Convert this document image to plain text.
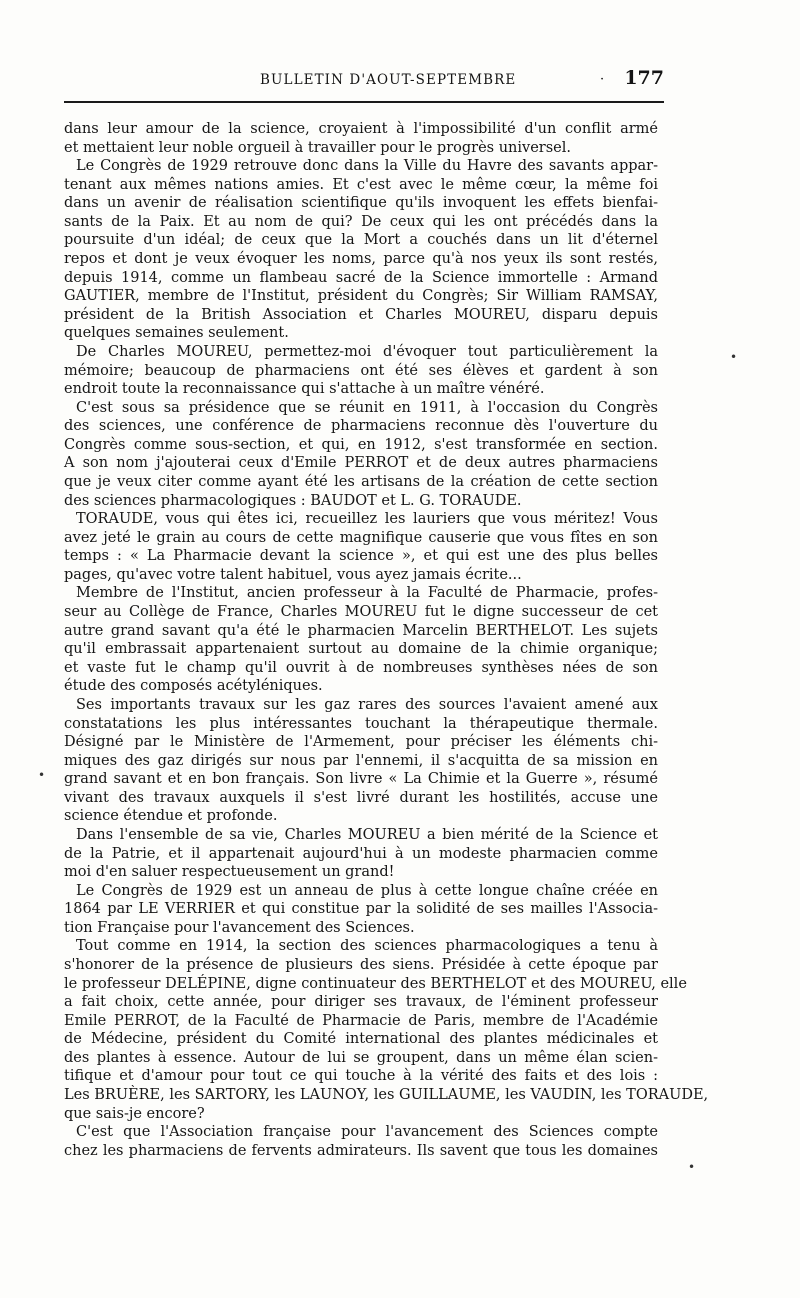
BULLETIN D'AOUT-SEPTEMBRE	· 177
dans leur amour de la science, croyaient à l'impossibilité d'un conflit armé
et mettaient leur noble orgueil à travailler pour le progrès universel.
Le Congrès de 1929 retrouve donc dans la Ville du Havre des savants appar-
tenant aux mêmes nations amies. Et c'est avec le même cœur, la même foi
dans un avenir de réalisation scientifique qu'ils invoquent les effets bienfai-
sants de la Paix. Et au nom de qui? De ceux qui les ont précédés dans la
poursuite d'un idéal; de ceux que la Mort a couchés dans un lit d'éternel
repos et dont je veux évoquer les noms, parce qu'à nos yeux ils sont restés,
depuis 1914, comme un flambeau sacré de la Science immortelle : Armand
GAUTIER, membre de l'Institut, président du Congrès; Sir William RAMSAY,
président de la British Association et Charles MOUREU, disparu depuis
quelques semaines seulement.
De Charles MOUREU, permettez-moi d'évoquer tout particulièrement la
mémoire; beaucoup de pharmaciens ont été ses élèves et gardent à son
endroit toute la reconnaissance qui s'attache à un maître vénéré.
C'est sous sa présidence que se réunit en 1911, à l'occasion du Congrès
des sciences, une conférence de pharmaciens reconnue dès l'ouverture du
Congrès comme sous-section, et qui, en 1912, s'est transformée en section.
A son nom j'ajouterai ceux d'Emile PERROT et de deux autres pharmaciens
que je veux citer comme ayant été les artisans de la création de cette section
des sciences pharmacologiques : BAUDOT et L. G. TORAUDE.
TORAUDE, vous qui êtes ici, recueillez les lauriers que vous méritez! Vous
avez jeté le grain au cours de cette magnifique causerie que vous fîtes en son
temps : « La Pharmacie devant la science », et qui est une des plus belles
pages, qu'avec votre talent habituel, vous ayez jamais écrite...
Membre de l'Institut, ancien professeur à la Faculté de Pharmacie, profes-
seur au Collège de France, Charles MOUREU fut le digne successeur de cet
autre grand savant qu'a été le pharmacien Marcelin BERTHELOT. Les sujets
qu'il embrassait appartenaient surtout au domaine de la chimie organique;
et vaste fut le champ qu'il ouvrit à de nombreuses synthèses nées de son
étude des composés acétyléniques.
Ses importants travaux sur les gaz rares des sources l'avaient amené aux
constatations les plus intéressantes touchant la thérapeutique thermale.
Désigné par le Ministère de l'Armement, pour préciser les éléments chi-
miques des gaz dirigés sur nous par l'ennemi, il s'acquitta de sa mission en
grand savant et en bon français. Son livre « La Chimie et la Guerre », résumé
vivant des travaux auxquels il s'est livré durant les hostilités, accuse une
science étendue et profonde.
Dans l'ensemble de sa vie, Charles MOUREU a bien mérité de la Science et
de la Patrie, et il appartenait aujourd'hui à un modeste pharmacien comme
moi d'en saluer respectueusement un grand!
Le Congrès de 1929 est un anneau de plus à cette longue chaîne créée en
1864 par LE VERRIER et qui constitue par la solidité de ses mailles l'Associa-
tion Française pour l'avancement des Sciences.
Tout comme en 1914, la section des sciences pharmacologiques a tenu à
s'honorer de la présence de plusieurs des siens. Présidée à cette époque par
le professeur DELÉPINE, digne continuateur des BERTHELOT et des MOUREU, elle
a fait choix, cette année, pour diriger ses travaux, de l'éminent professeur
Emile PERROT, de la Faculté de Pharmacie de Paris, membre de l'Académie
de Médecine, président du Comité international des plantes médicinales et
des plantes à essence. Autour de lui se groupent, dans un même élan scien-
tifique et d'amour pour tout ce qui touche à la vérité des faits et des lois :
Les BRUÈRE, les SARTORY, les LAUNOY, les GUILLAUME, les VAUDIN, les TORAUDE,
que sais-je encore?
C'est que l'Association française pour l'avancement des Sciences compte
chez les pharmaciens de fervents admirateurs. Ils savent que tous les domaines
•
•
•
